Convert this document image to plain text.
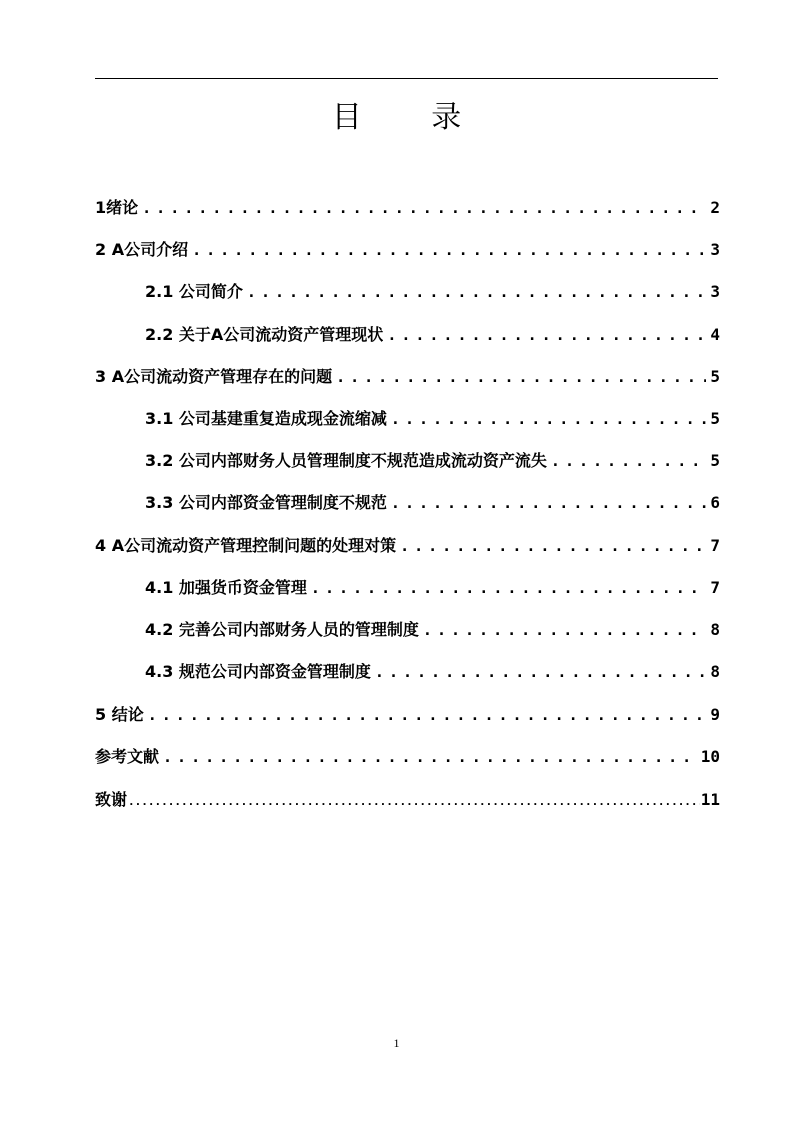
目 录
1绪论 .....	2
2 A公司介绍 .....	3
2.1 公司简介 .....	3
2.2 关于A公司流动资产管理现状 .....	4
3 A公司流动资产管理存在的问题 .....	5
3.1 公司基建重复造成现金流缩减 .....	5
3.2 公司内部财务人员管理制度不规范造成流动资产流失 .....	5
3.3 公司内部资金管理制度不规范 .....	6
4 A公司流动资产管理控制问题的处理对策 .....	7
4.1 加强货币资金管理 .....	7
4.2 完善公司内部财务人员的管理制度 .....	8
4.3 规范公司内部资金管理制度 .....	8
5 结论 .....	9
参考文献 .....	10
致谢 .....	11
1
